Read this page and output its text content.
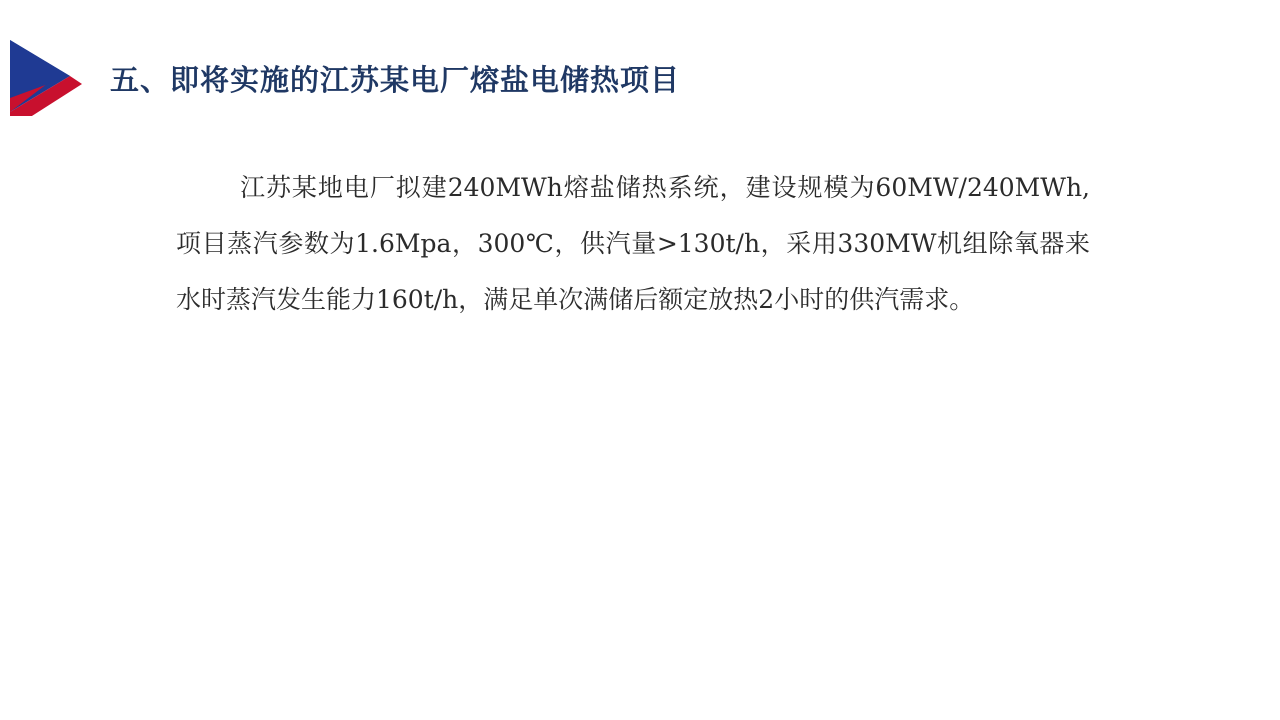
五、即将实施的江苏某电厂熔盐电储热项目

江苏某地电厂拟建240MWh熔盐储热系统，建设规模为60MW/240MWh,项目蒸汽参数为1.6Mpa，300℃，供汽量>130t/h，采用330MW机组除氧器来水时蒸汽发生能力160t/h，满足单次满储后额定放热2小时的供汽需求。
